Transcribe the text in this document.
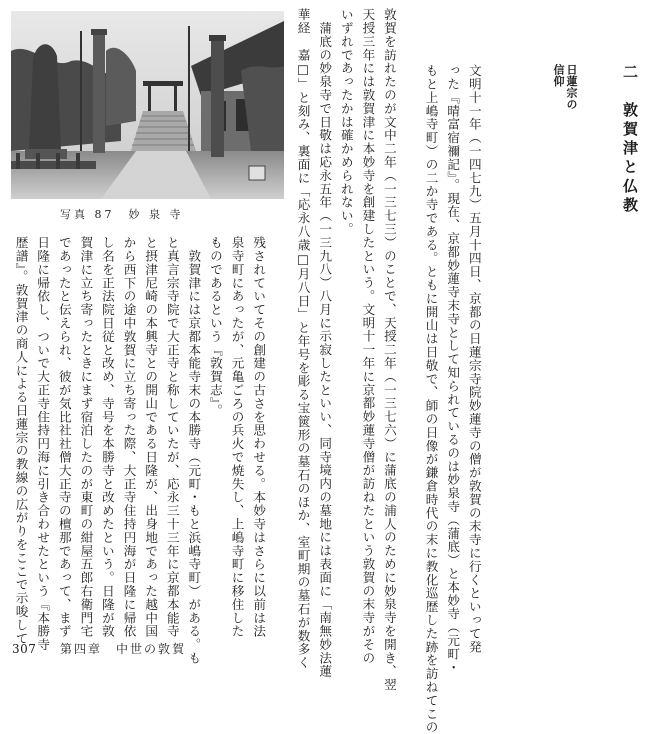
写真 87　妙 泉 寺	二　敦賀津と仏教
日蓮宗の
信仰
文明十一年（一四七九）五月十四日、京都の日蓮宗寺院妙蓮寺の僧が敦賀の末寺に行くといって発
った『晴富宿禰記』。現在、京都妙蓮寺末寺として知られているのは妙泉寺（蒲底）と本妙寺（元町・
もと上嶋寺町）の二か寺である。ともに開山は日敬で、師の日像が鎌倉時代の末に教化巡歴した跡を訪ねてこの
敦賀を訪れたのが文中二年（一三七三）のことで、天授二年（一三七六）に蒲底の浦人のために妙泉寺を開き、翌
天授三年には敦賀津に本妙寺を創建したという。文明十一年に京都妙蓮寺僧が訪ねたという敦賀の末寺がその
いずれであったかは確かめられない。
　蒲底の妙泉寺で日敬は応永五年（一三九八）八月に示寂したといい、同寺境内の墓地には表面に「南無妙法蓮
華経　嘉□」と刻み、裏面に「応永八歳□月八日」と年号を彫る宝篋形の墓石のほか、室町期の墓石が数多く
残されていてその創建の古さを思わせる。本妙寺はさらに以前は法
泉寺町にあったが、元亀ごろの兵火で焼失し、上嶋寺町に移住した
ものであるという『敦賀志』。
　敦賀津には京都本能寺末の本勝寺（元町・もと浜嶋寺町）がある。も
と真言宗寺院で大正寺と称していたが、応永三十三年に京都本能寺
と摂津尼崎の本興寺との開山である日隆が、出身地であった越中国
から西下の途中敦賀に立ち寄った際、大正寺住持円海が日隆に帰依
し名を正法院日従と改め、寺号を本勝寺と改めたという。日隆が敦
賀津に立ち寄ったときにまず宿泊したのが東町の紺屋五郎右衛門宅
であったと伝えられ、彼が気比社社僧大正寺の檀那であって、まず
日隆に帰依し、ついで大正寺住持円海に引き合わせたという『本勝寺
歴譜』。敦賀津の商人による日蓮宗の教線の広がりをここで示唆して
307 第四章　中世の敦賀
